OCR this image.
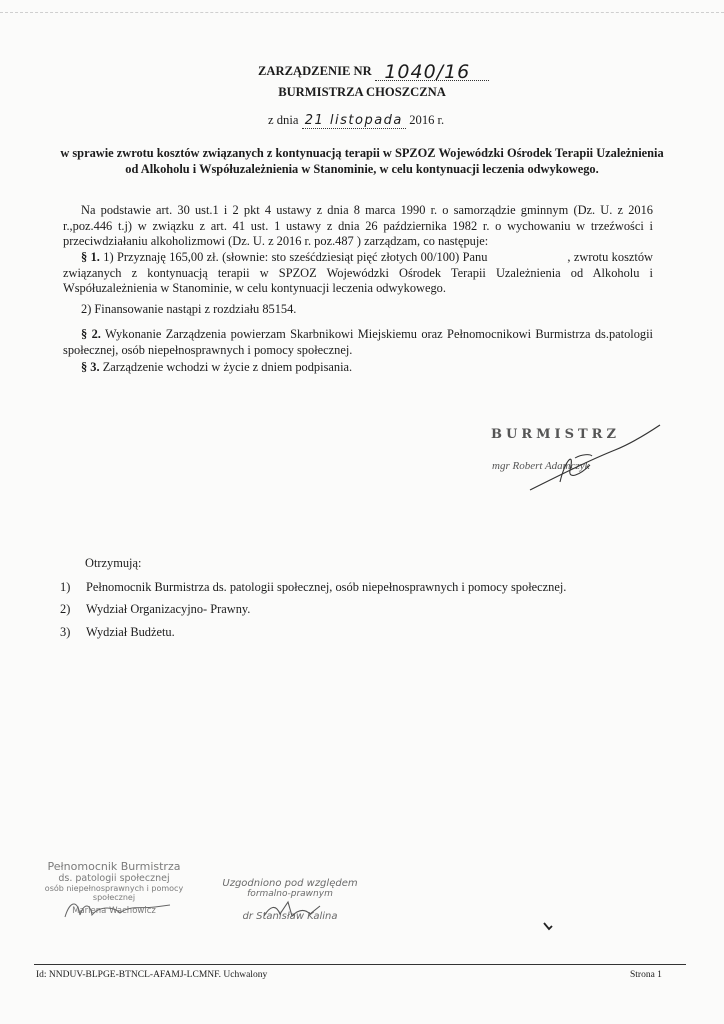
ZARZĄDZENIE NR 1040/16
BURMISTRZA CHOSZCZNA
z dnia 21 listopada 2016 r.
w sprawie zwrotu kosztów związanych z kontynuacją terapii w SPZOZ Wojewódzki Ośrodek Terapii Uzależnienia od Alkoholu i Współuzależnienia w Stanominie, w celu kontynuacji leczenia odwykowego.
Na podstawie art. 30 ust.1 i 2 pkt 4 ustawy z dnia 8 marca 1990 r. o samorządzie gminnym (Dz. U. z 2016 r.,poz.446 t.j) w związku z art. 41 ust. 1 ustawy z dnia 26 października 1982 r. o wychowaniu w trzeźwości i przeciwdziałaniu alkoholizmowi (Dz. U. z 2016 r. poz.487 ) zarządzam, co następuje:
§ 1. 1) Przyznaję 165,00 zł. (słownie: sto sześćdziesiąt pięć złotych 00/100) Panu	, zwrotu kosztów związanych z kontynuacją terapii w SPZOZ Wojewódzki Ośrodek Terapii Uzależnienia od Alkoholu i Współuzależnienia w Stanominie, w celu kontynuacji leczenia odwykowego.
2) Finansowanie nastąpi z rozdziału 85154.
§ 2. Wykonanie Zarządzenia powierzam Skarbnikowi Miejskiemu oraz Pełnomocnikowi Burmistrza ds.patologii społecznej, osób niepełnosprawnych i pomocy społecznej.
§ 3. Zarządzenie wchodzi w życie z dniem podpisania.
BURMISTRZ
mgr Robert Adamczyk
Otrzymują:
1) Pełnomocnik Burmistrza ds. patologii społecznej, osób niepełnosprawnych i pomocy społecznej.
2) Wydział Organizacyjno- Prawny.
3) Wydział Budżetu.
Pełnomocnik Burmistrza
ds. patologii społecznej
osób niepełnosprawnych i pomocy społecznej
Marlena Wachowicz
Uzgodniono pod względem
formalno-prawnym
dr Stanisław Kalina
Id: NNDUV-BLPGE-BTNCL-AFAMJ-LCMNF. Uchwalony	Strona 1
